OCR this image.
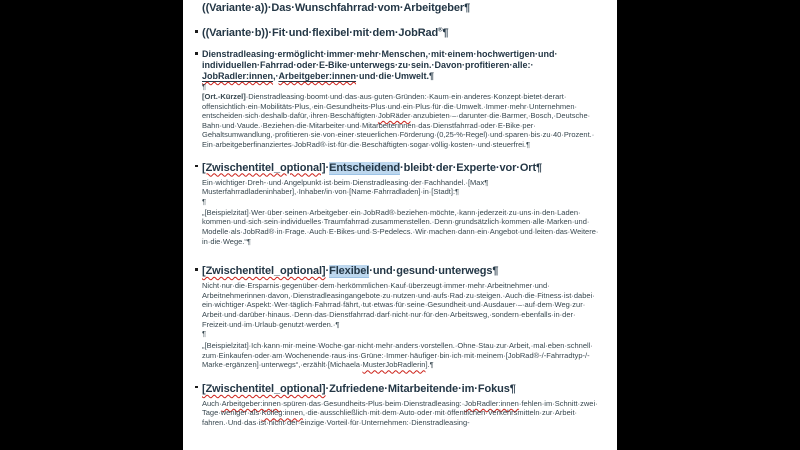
((Variante·​a))·​Das·​Wunschfahrrad·​vom·​Arbeitgeber¶

((Variante·​b))·​Fit·​und·​flexibel·​mit·​dem·​JobRad®¶

Dienstradleasing·​ermöglicht·​immer·​mehr·​Menschen,·​mit·​einem·​hochwertigen·​und·​individuellen·​Fahrrad·​oder·​E-Bike·​unterwegs·​zu·​sein.·​Davon·​profitieren·​alle:·​JobRadler:innen,·​Arbeitgeber:innen·​und·​die·​Umwelt.¶

¶

[Ort.-Kürzel]·​Dienstradleasing·​boomt·​und·​das·​aus·​guten·​Gründen:·​Kaum·​ein·​anderes·​Konzept·​bietet·​derart·​offensichtlich·​ein·​Mobilitäts-Plus,·​ein·​Gesundheits-Plus·​und·​ein·​Plus·​für·​die·​Umwelt.·​Immer·​mehr·​Unternehmen·​entscheiden·​sich·​deshalb·​dafür,·​ihren·​Beschäftigten·​JobRäder·​anzubieten·​–·​darunter·​die·​Barmer,·​Bosch,·​Deutsche·​Bahn·​und·​Vaude.·​Beziehen·​die·​Mitarbeiter·​und·​Mitarbeiterinnen·​das·​Dienstfahrrad·​oder·​E-Bike·​per·​Gehaltsumwandlung,·​profitieren·​sie·​von·​einer·​steuerlichen·​Förderung·​(0,25-%-Regel)·​und·​sparen·​bis·​zu·​40·​Prozent.·​Ein·​arbeitgeberfinanziertes·​JobRad®·​ist·​für·​die·​Beschäftigten·​sogar·​völlig·​kosten-·​und·​steuerfrei.¶

[Zwischentitel_optional]·​Entscheidend·​bleibt·​der·​Experte·​vor·​Ort¶

Ein·​wichtiger·​Dreh-·​und·​Angelpunkt·​ist·​beim·​Dienstradleasing·​der·​Fachhandel.·​[Max¶
Musterfahrradladeninhaber],·​Inhaber/in·​von·​[Name·​Fahrradladen]·​in·​[Stadt]:¶

¶

„[Beispielzitat]·​Wer·​über·​seinen·​Arbeitgeber·​ein·​JobRad®·​beziehen·​möchte,·​kann·​jederzeit·​zu·​uns·​in·​den·​Laden·​kommen·​und·​sich·​sein·​individuelles·​Traumfahrrad·​zusammenstellen.·​Denn·​grundsätzlich·​kommen·​alle·​Marken·​und·​Modelle·​als·​JobRad®·​in·​Frage.·​Auch·​E-Bikes·​und·​S-Pedelecs.·​Wir·​machen·​dann·​ein·​Angebot·​und·​leiten·​das·​Weitere·​in·​die·​Wege.“¶

[Zwischentitel_optional]·​Flexibel·​und·​gesund·​unterwegs¶

Nicht·​nur·​die·​Ersparnis·​gegenüber·​dem·​herkömmlichen·​Kauf·​überzeugt·​immer·​mehr·​Arbeitnehmer·​und·​Arbeitnehmerinnen·​davon,·​Dienstradleasingangebote·​zu·​nutzen·​und·​aufs·​Rad·​zu·​steigen.·​Auch·​die·​Fitness·​ist·​dabei·​ein·​wichtiger·​Aspekt:·​Wer·​täglich·​Fahrrad·​fährt,·​tut·​etwas·​für·​seine·​Gesundheit·​und·​Ausdauer·​–·​auf·​dem·​Weg·​zur·​Arbeit·​und·​darüber·​hinaus.·​Denn·​das·​Dienstfahrrad·​darf·​nicht·​nur·​für·​den·​Arbeitsweg,·​sondern·​ebenfalls·​in·​der·​Freizeit·​und·​im·​Urlaub·​genutzt·​werden.·​¶

¶

„[Beispielzitat]·​Ich·​kann·​mir·​meine·​Woche·​gar·​nicht·​mehr·​anders·​vorstellen.·​Ohne·​Stau·​zur·​Arbeit,·​mal·​eben·​schnell·​zum·​Einkaufen·​oder·​am·​Wochenende·​raus·​ins·​Grüne:·​Immer·​häufiger·​bin·​ich·​mit·​meinem·​[JobRad®-/-Fahrradtyp-/-Marke·​ergänzen]·​unterwegs“,·​erzählt·​[Michaela·​MusterJobRadlerin].¶

[Zwischentitel_optional]·​Zufriedene·​Mitarbeitende·​im·​Fokus¶

Auch·​Arbeitgeber:innen·​spüren·​das·​Gesundheits-Plus·​beim·​Dienstradleasing:·​JobRadler:innen·​fehlen·​im·​Schnitt·​zwei·​Tage·​weniger·​als·​Kolleg:innen,·​die·​ausschließlich·​mit·​dem·​Auto·​oder·​mit·​öffentlichen·​Verkehrsmitteln·​zur·​Arbeit·​fahren.·​Und·​das·​ist·​nicht·​der·​einzige·​Vorteil·​für·​Unternehmen:·​Dienstradleasing-
